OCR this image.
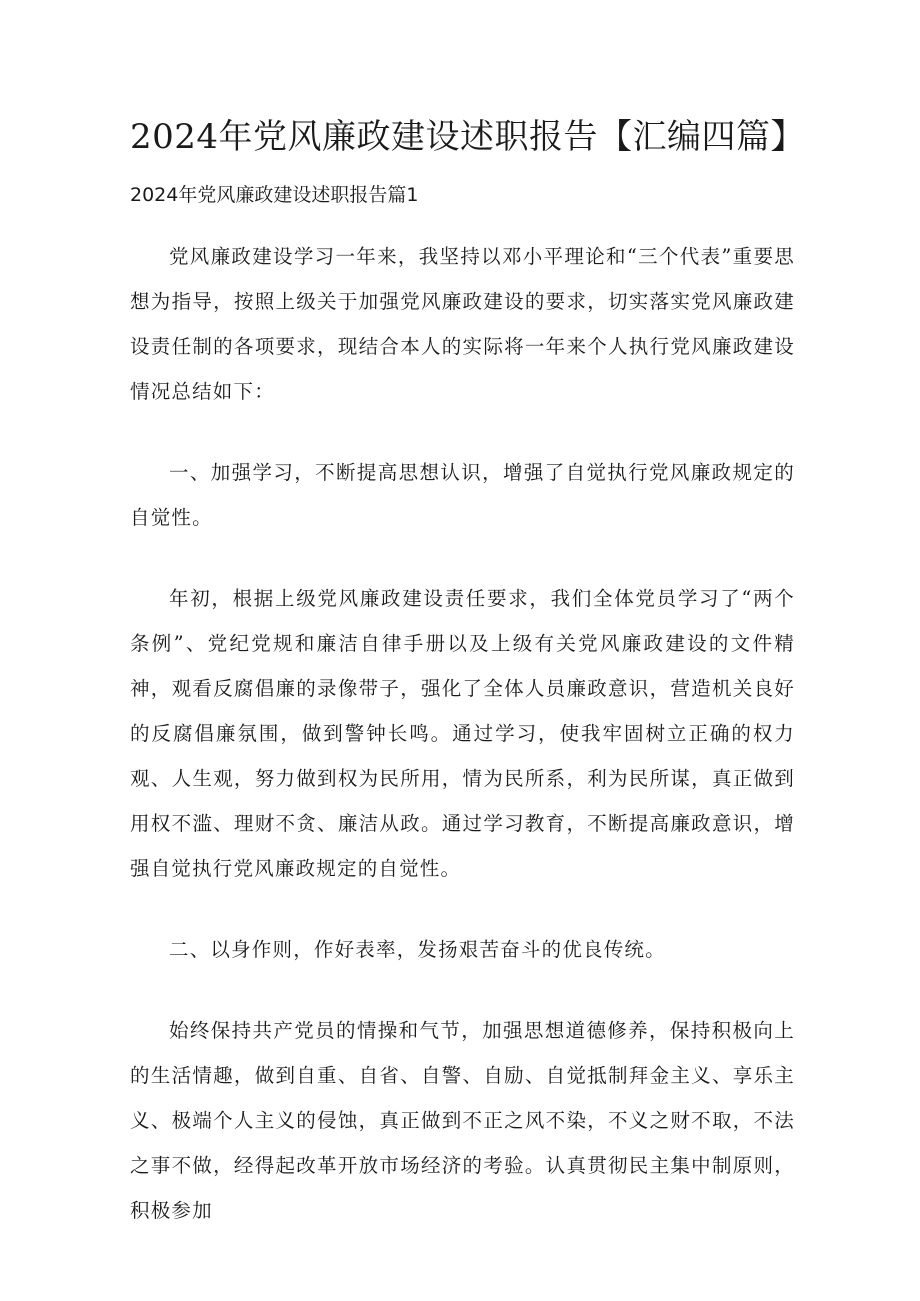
2024年党风廉政建设述职报告【汇编四篇】
2024年党风廉政建设述职报告篇1

党风廉政建设学习一年来，我坚持以邓小平理论和“三个代表”重要思想为指导，按照上级关于加强党风廉政建设的要求，切实落实党风廉政建设责任制的各项要求，现结合本人的实际将一年来个人执行党风廉政建设情况总结如下：

一、加强学习，不断提高思想认识，增强了自觉执行党风廉政规定的自觉性。

年初，根据上级党风廉政建设责任要求，我们全体党员学习了“两个条例”、党纪党规和廉洁自律手册以及上级有关党风廉政建设的文件精神，观看反腐倡廉的录像带子，强化了全体人员廉政意识，营造机关良好的反腐倡廉氛围，做到警钟长鸣。通过学习，使我牢固树立正确的权力观、人生观，努力做到权为民所用，情为民所系，利为民所谋，真正做到用权不滥、理财不贪、廉洁从政。通过学习教育，不断提高廉政意识，增强自觉执行党风廉政规定的自觉性。

二、以身作则，作好表率，发扬艰苦奋斗的优良传统。

始终保持共产党员的情操和气节，加强思想道德修养，保持积极向上的生活情趣，做到自重、自省、自警、自励、自觉抵制拜金主义、享乐主义、极端个人主义的侵蚀，真正做到不正之风不染，不义之财不取，不法之事不做，经得起改革开放市场经济的考验。认真贯彻民主集中制原则，积极参加
